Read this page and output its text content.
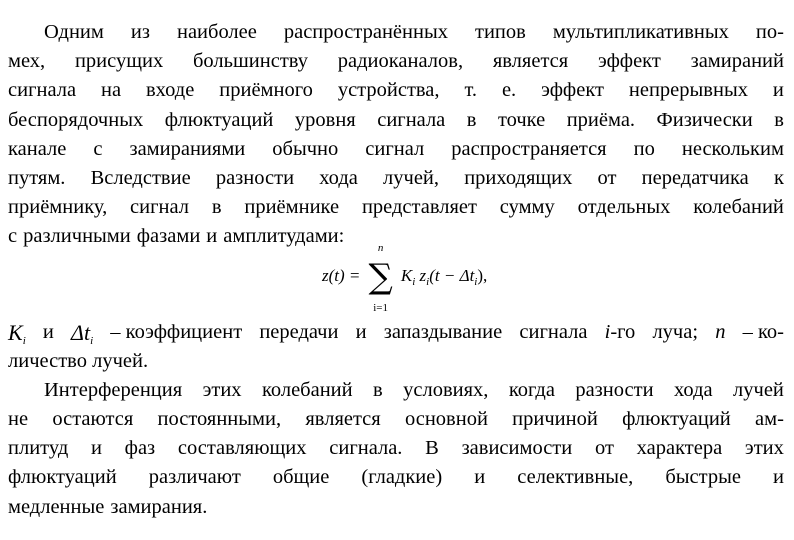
Одним из наиболее распространённых типов мультипликативных по-
мех, присущих большинству радиоканалов, является эффект замираний
сигнала на входе приёмного устройства, т. е. эффект непрерывных и
беспорядочных флюктуаций уровня сигнала в точке приёма. Физически в
канале с замираниями обычно сигнал распространяется по нескольким
путям. Вследствие разности хода лучей, приходящих от передатчика к
приёмнику, сигнал в приёмнике представляет сумму отдельных колебаний
с различными фазами и амплитудами:
z(t) =
n
∑
i=1
$K_i$ $z_i(t - \Delta t_i)$,
$K_i$ и $\Delta t_i$ – коэффициент передачи и запаздывание сигнала i-го луча; n – ко-
личество лучей.
Интерференция этих колебаний в условиях, когда разности хода лучей
не остаются постоянными, является основной причиной флюктуаций ам-
плитуд и фаз составляющих сигнала. В зависимости от характера этих
флюктуаций различают общие (гладкие) и селективные, быстрые и
медленные замирания.
